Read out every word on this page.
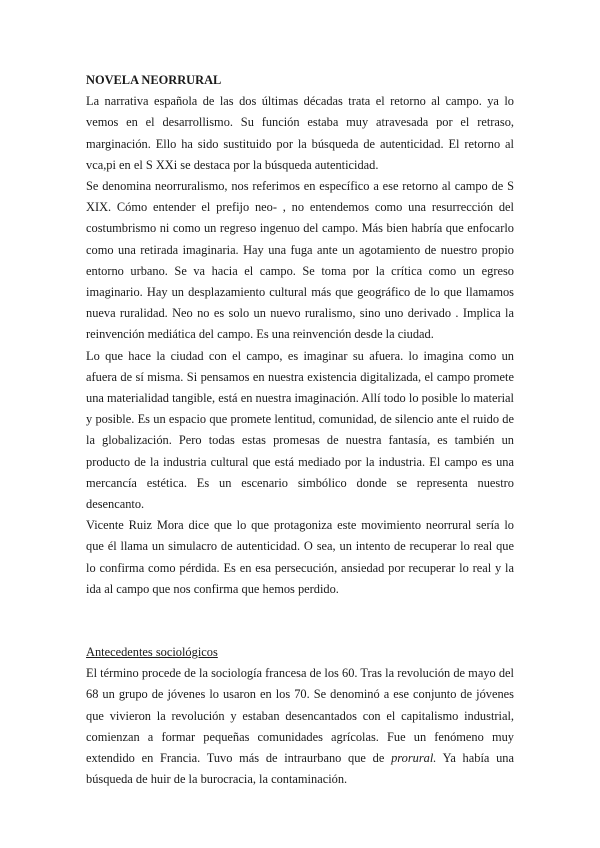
NOVELA NEORRURAL

La narrativa española de las dos últimas décadas trata el retorno al campo. ya lo vemos en el desarrollismo. Su función estaba muy atravesada por el retraso, marginación. Ello ha sido sustituido por la búsqueda de autenticidad. El retorno al vca,pi en el S XXi se destaca por la búsqueda autenticidad.

Se denomina neorruralismo, nos referimos en específico a ese retorno al campo de S XIX. Cómo entender el prefijo neo- , no entendemos como una resurrección del costumbrismo ni como un regreso ingenuo del campo. Más bien habría que enfocarlo como una retirada imaginaria. Hay una fuga ante un agotamiento de nuestro propio entorno urbano. Se va hacia el campo. Se toma por la crítica como un egreso imaginario. Hay un desplazamiento cultural más que geográfico de lo que llamamos nueva ruralidad. Neo no es solo un nuevo ruralismo, sino uno derivado . Implica la reinvención mediática del campo. Es una reinvención desde la ciudad.

Lo que hace la ciudad con el campo, es imaginar su afuera. lo imagina como un afuera de sí misma. Si pensamos en nuestra existencia digitalizada, el campo promete una materialidad tangible, está en nuestra imaginación. Allí todo lo posible lo material y posible. Es un espacio que promete lentitud, comunidad, de silencio ante el ruido de la globalización. Pero todas estas promesas de nuestra fantasía, es también un producto de la industria cultural que está mediado por la industria. El campo es una mercancía estética. Es un escenario simbólico donde se representa nuestro desencanto.

Vicente Ruiz Mora dice que lo que protagoniza este movimiento neorrural sería lo que él llama un simulacro de autenticidad. O sea, un intento de recuperar lo real que lo confirma como pérdida. Es en esa persecución, ansiedad por recuperar lo real y la ida al campo que nos confirma que hemos perdido.

Antecedentes sociológicos

El término procede de la sociología francesa de los 60. Tras la revolución de mayo del 68 un grupo de jóvenes lo usaron en los 70. Se denominó a ese conjunto de jóvenes que vivieron la revolución y estaban desencantados con el capitalismo industrial, comienzan a formar pequeñas comunidades agrícolas. Fue un fenómeno muy extendido en Francia. Tuvo más de intraurbano que de prorural. Ya había una búsqueda de huir de la burocracia, la contaminación.
